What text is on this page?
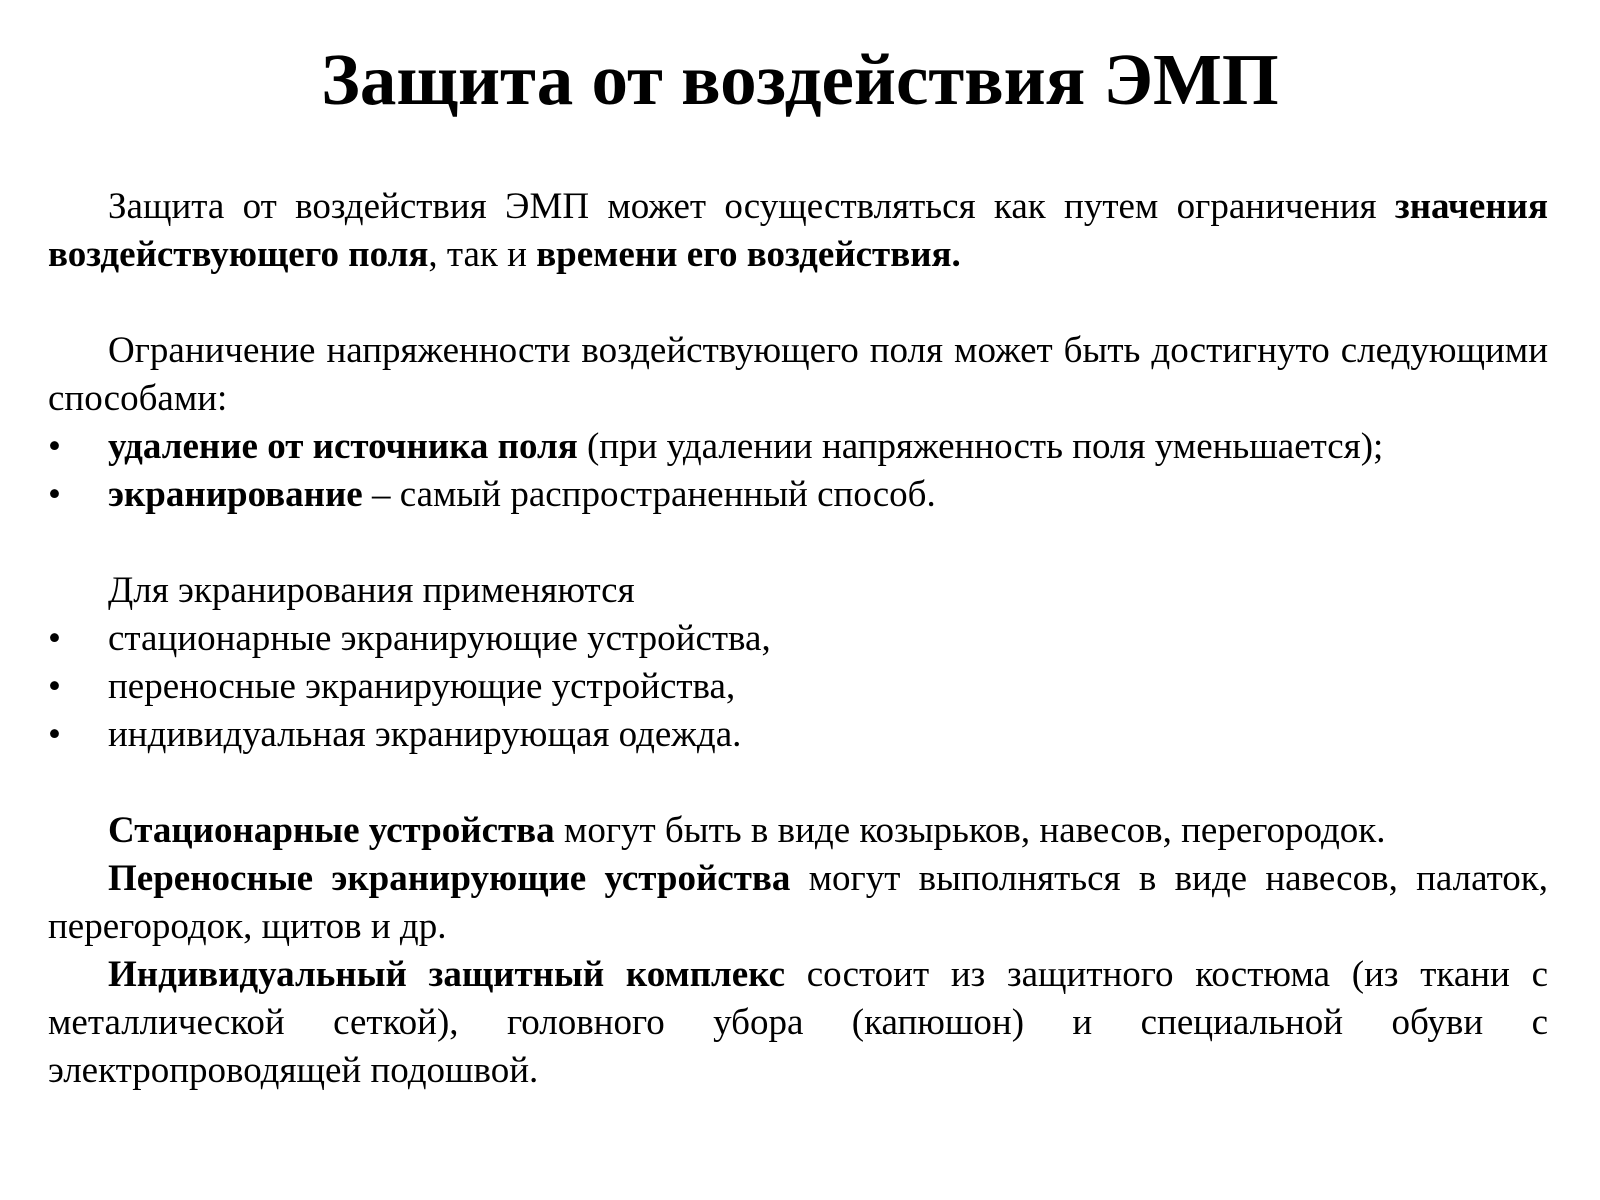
Защита от воздействия ЭМП

Защита от воздействия ЭМП может осуществляться как путем ограничения значения воздействующего поля, так и времени его воздействия.

Ограничение напряженности воздействующего поля может быть достигнуто следующими способами:

• удаление от источника поля (при удалении напряженность поля уменьшается);
• экранирование – самый распространенный способ.

Для экранирования применяются

• стационарные экранирующие устройства,
• переносные экранирующие устройства,
• индивидуальная экранирующая одежда.

Стационарные устройства могут быть в виде козырьков, навесов, перегородок.

Переносные экранирующие устройства могут выполняться в виде навесов, палаток, перегородок, щитов и др.

Индивидуальный защитный комплекс состоит из защитного костюма (из ткани с металлической сеткой), головного убора (капюшон) и специальной обуви с электропроводящей подошвой.
